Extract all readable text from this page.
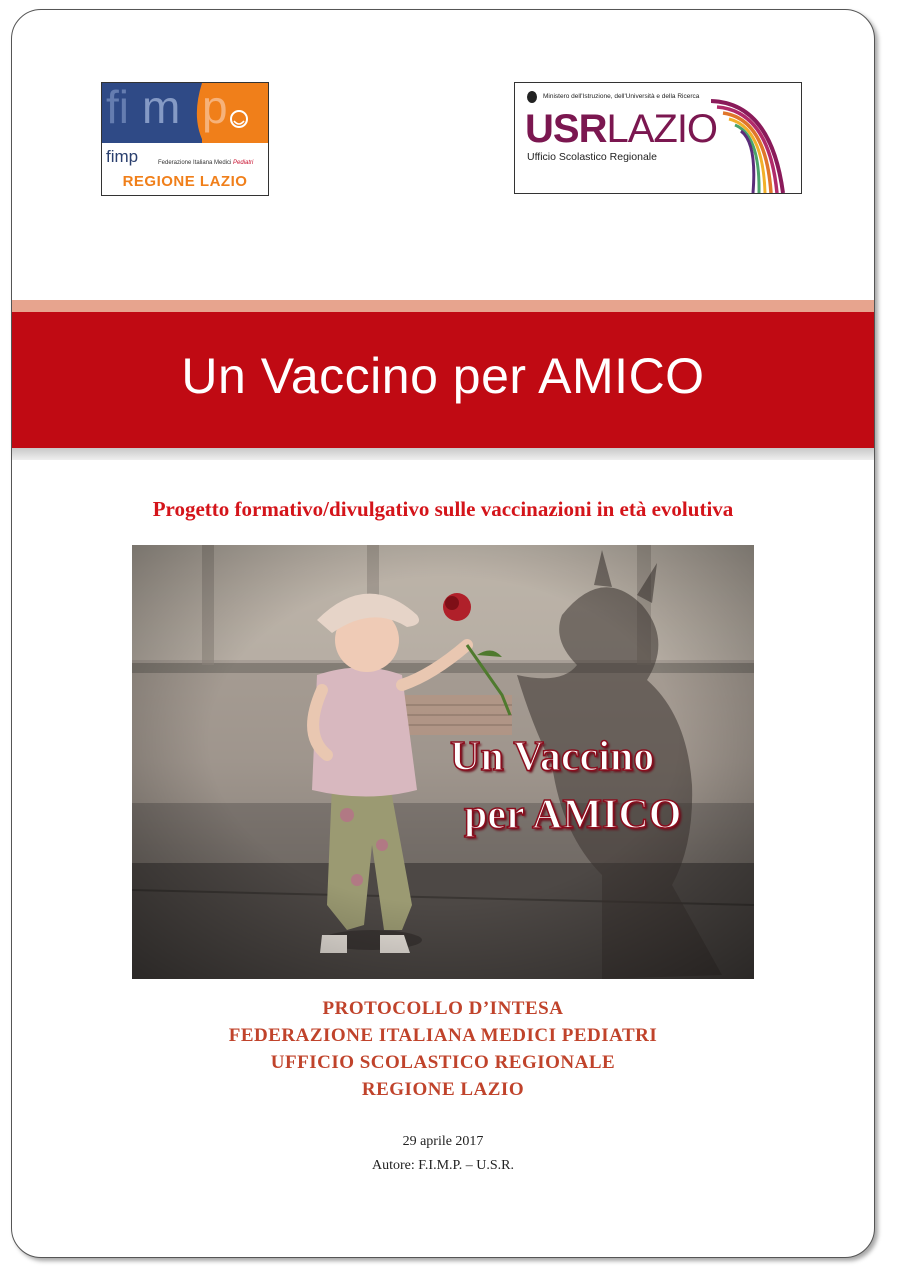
fi m p
fimp	Federazione Italiana Medici Pediatri
REGIONE LAZIO
Ministero dell'Istruzione, dell'Università e della Ricerca
USRLAZIO
Ufficio Scolastico Regionale
Un Vaccino per AMICO
Progetto formativo/divulgativo sulle vaccinazioni in età evolutiva
Un Vaccino
per AMICO
PROTOCOLLO D’INTESA
FEDERAZIONE ITALIANA MEDICI PEDIATRI
UFFICIO SCOLASTICO REGIONALE
REGIONE LAZIO
29 aprile 2017
Autore: F.I.M.P. – U.S.R.
